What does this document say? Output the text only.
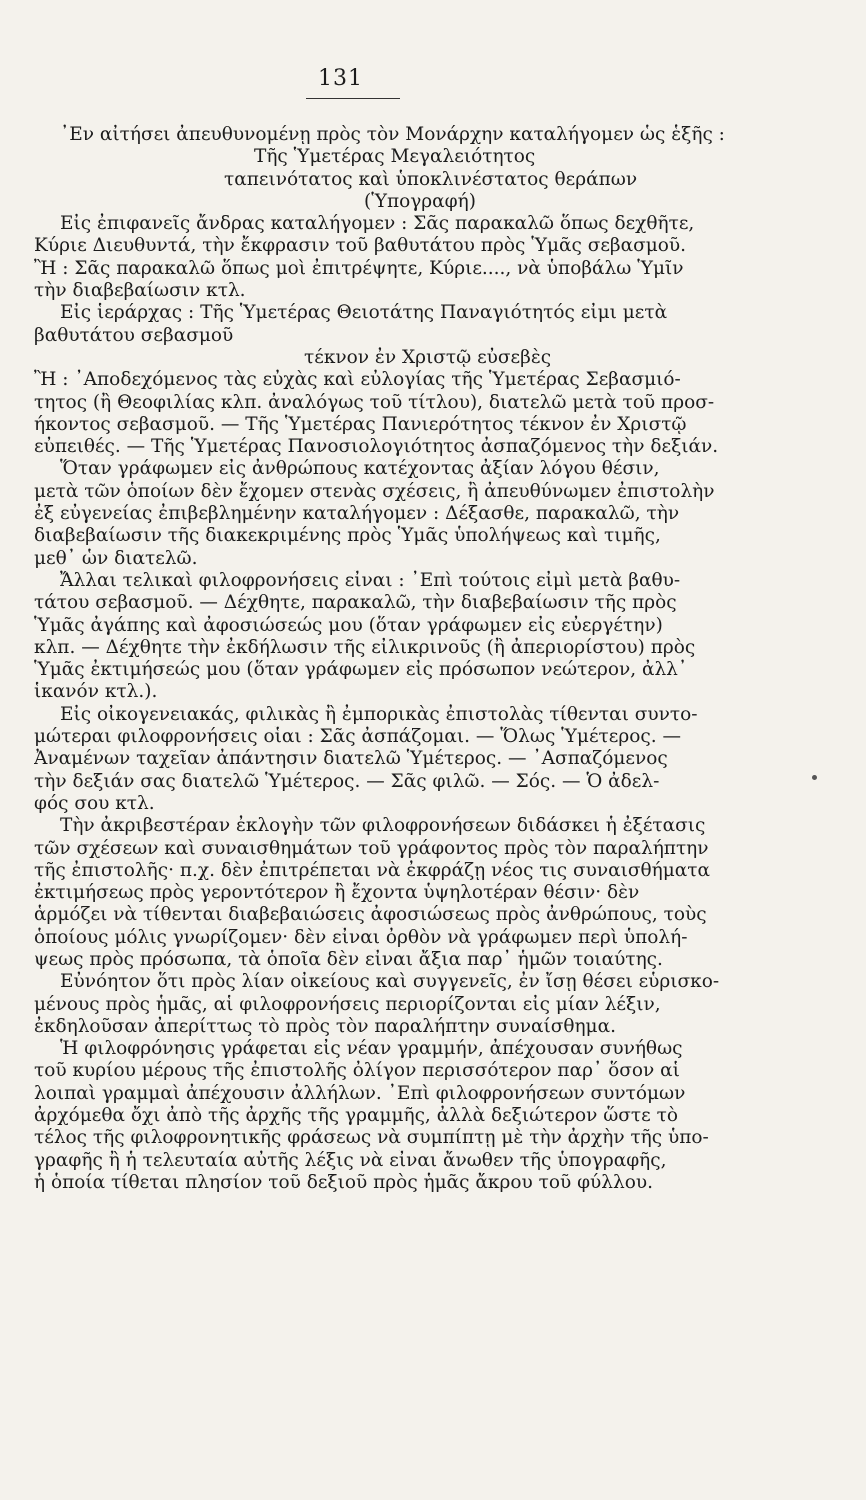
131
᾿Εν αἰτήσει ἀπευθυνομένῃ πρὸς τὸν Μονάρχην καταλήγομεν ὡς ἑξῆς :
Τῆς Ὑμετέρας Μεγαλειότητος
ταπεινότατος καὶ ὑποκλινέστατος θεράπων
(Ὑπογραφή)
Εἰς ἐπιφανεῖς ἄνδρας καταλήγομεν : Σᾶς παρακαλῶ ὅπως δεχθῆτε,
Κύριε Διευθυντά, τὴν ἔκφρασιν τοῦ βαθυτάτου πρὸς Ὑμᾶς σεβασμοῦ.
Ἢ : Σᾶς παρακαλῶ ὅπως μοὶ ἐπιτρέψητε, Κύριε...., νὰ ὑποβάλω Ὑμῖν
τὴν διαβεβαίωσιν κτλ.
Εἰς ἱεράρχας : Τῆς Ὑμετέρας Θειοτάτης Παναγιότητός εἰμι μετὰ
βαθυτάτου σεβασμοῦ
τέκνον ἐν Χριστῷ εὐσεβὲς
Ἢ : ᾿Αποδεχόμενος τὰς εὐχὰς καὶ εὐλογίας τῆς Ὑμετέρας Σεβασμιό-
τητος (ἢ Θεοφιλίας κλπ. ἀναλόγως τοῦ τίτλου), διατελῶ μετὰ τοῦ προσ-
ήκοντος σεβασμοῦ. — Τῆς Ὑμετέρας Πανιερότητος τέκνον ἐν Χριστῷ
εὐπειθές. — Τῆς Ὑμετέρας Πανοσιολογιότητος ἀσπαζόμενος τὴν δεξιάν.
Ὅταν γράφωμεν εἰς ἀνθρώπους κατέχοντας ἀξίαν λόγου θέσιν,
μετὰ τῶν ὁποίων δὲν ἔχομεν στενὰς σχέσεις, ἢ ἀπευθύνωμεν ἐπιστολὴν
ἐξ εὐγενείας ἐπιβεβλημένην καταλήγομεν : Δέξασθε, παρακαλῶ, τὴν
διαβεβαίωσιν τῆς διακεκριμένης πρὸς Ὑμᾶς ὑπολήψεως καὶ τιμῆς,
μεθ᾿ ὧν διατελῶ.
Ἄλλαι τελικαὶ φιλοφρονήσεις εἶναι : ᾿Επὶ τούτοις εἰμὶ μετὰ βαθυ-
τάτου σεβασμοῦ. — Δέχθητε, παρακαλῶ, τὴν διαβεβαίωσιν τῆς πρὸς
Ὑμᾶς ἀγάπης καὶ ἀφοσιώσεώς μου (ὅταν γράφωμεν εἰς εὐεργέτην)
κλπ. — Δέχθητε τὴν ἐκδήλωσιν τῆς εἰλικρινοῦς (ἢ ἀπεριορίστου) πρὸς
Ὑμᾶς ἐκτιμήσεώς μου (ὅταν γράφωμεν εἰς πρόσωπον νεώτερον, ἀλλ᾿
ἱκανόν κτλ.).
Εἰς οἰκογενειακάς, φιλικὰς ἢ ἐμπορικὰς ἐπιστολὰς τίθενται συντο-
μώτεραι φιλοφρονήσεις οἷαι : Σᾶς ἀσπάζομαι. — Ὅλως Ὑμέτερος. —
Ἀναμένων ταχεῖαν ἀπάντησιν διατελῶ Ὑμέτερος. — ᾿Ασπαζόμενος
τὴν δεξιάν σας διατελῶ Ὑμέτερος. — Σᾶς φιλῶ. — Σός. — Ὁ ἀδελ-
φός σου κτλ.
Τὴν ἀκριβεστέραν ἐκλογὴν τῶν φιλοφρονήσεων διδάσκει ἡ ἐξέτασις
τῶν σχέσεων καὶ συναισθημάτων τοῦ γράφοντος πρὸς τὸν παραλήπτην
τῆς ἐπιστολῆς· π.χ. δὲν ἐπιτρέπεται νὰ ἐκφράζῃ νέος τις συναισθήματα
ἐκτιμήσεως πρὸς γεροντότερον ἢ ἔχοντα ὑψηλοτέραν θέσιν· δὲν
ἁρμόζει νὰ τίθενται διαβεβαιώσεις ἀφοσιώσεως πρὸς ἀνθρώπους, τοὺς
ὁποίους μόλις γνωρίζομεν· δὲν εἶναι ὀρθὸν νὰ γράφωμεν περὶ ὑπολή-
ψεως πρὸς πρόσωπα, τὰ ὁποῖα δὲν εἶναι ἄξια παρ᾿ ἡμῶν τοιαύτης.
Εὐνόητον ὅτι πρὸς λίαν οἰκείους καὶ συγγενεῖς, ἐν ἴσῃ θέσει εὑρισκο-
μένους πρὸς ἡμᾶς, αἱ φιλοφρονήσεις περιορίζονται εἰς μίαν λέξιν,
ἐκδηλοῦσαν ἀπερίττως τὸ πρὸς τὸν παραλήπτην συναίσθημα.
Ἡ φιλοφρόνησις γράφεται εἰς νέαν γραμμήν, ἀπέχουσαν συνήθως
τοῦ κυρίου μέρους τῆς ἐπιστολῆς ὀλίγον περισσότερον παρ᾿ ὅσον αἱ
λοιπαὶ γραμμαὶ ἀπέχουσιν ἀλλήλων. ᾿Επὶ φιλοφρονήσεων συντόμων
ἀρχόμεθα ὄχι ἀπὸ τῆς ἀρχῆς τῆς γραμμῆς, ἀλλὰ δεξιώτερον ὥστε τὸ
τέλος τῆς φιλοφρονητικῆς φράσεως νὰ συμπίπτῃ μὲ τὴν ἀρχὴν τῆς ὑπο-
γραφῆς ἢ ἡ τελευταία αὐτῆς λέξις νὰ εἶναι ἄνωθεν τῆς ὑπογραφῆς,
ἡ ὁποία τίθεται πλησίον τοῦ δεξιοῦ πρὸς ἡμᾶς ἄκρου τοῦ φύλλου.
